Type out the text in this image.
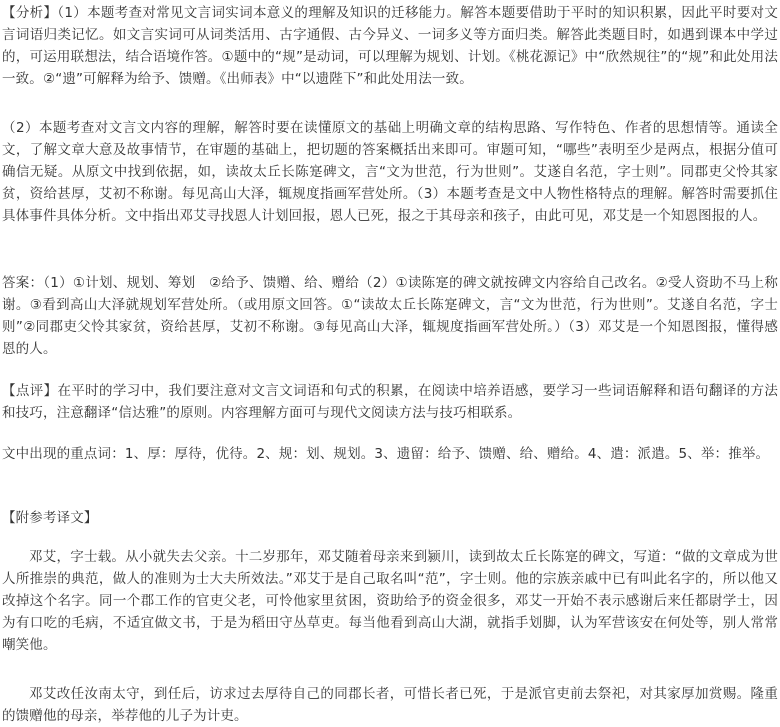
【分析】（1）本题考查对常见文言词实词本意义的理解及知识的迁移能力。解答本题要借助于平时的知识积累，因此平时要对文言词语归类记忆。如文言实词可从词类活用、古字通假、古今异义、一词多义等方面归类。解答此类题目时，如遇到课本中学过的，可运用联想法，结合语境作答。①题中的“规”是动词，可以理解为规划、计划。《桃花源记》中“欣然规往”的“规”和此处用法一致。②“遗”可解释为给予、馈赠。《出师表》中“以遗陛下”和此处用法一致。

（2）本题考查对文言文内容的理解，解答时要在读懂原文的基础上明确文章的结构思路、写作特色、作者的思想情等。通读全文，了解文章大意及故事情节，在审题的基础上，把切题的答案概括出来即可。审题可知，“哪些”表明至少是两点，根据分值可确信无疑。从原文中找到依据，如，读故太丘长陈寔碑文，言“文为世范，行为世则”。艾遂自名范，字士则”。同郡吏父怜其家贫，资给甚厚，艾初不称谢。每见高山大泽，辄规度指画军营处所。（3）本题考查是文中人物性格特点的理解。解答时需要抓住具体事件具体分析。文中指出邓艾寻找恩人计划回报，恩人已死，报之于其母亲和孩子，由此可见，邓艾是一个知恩图报的人。

答案：（1）①计划、规划、筹划　②给予、馈赠、给、赠给（2）①读陈寔的碑文就按碑文内容给自己改名。②受人资助不马上称谢。③看到高山大泽就规划军营处所。（或用原文回答。①“读故太丘长陈寔碑文，言“文为世范，行为世则”。艾遂自名范，字士则”②同郡吏父怜其家贫，资给甚厚，艾初不称谢。③每见高山大泽，辄规度指画军营处所。）（3）邓艾是一个知恩图报，懂得感恩的人。

【点评】在平时的学习中，我们要注意对文言文词语和句式的积累，在阅读中培养语感，要学习一些词语解释和语句翻译的方法和技巧，注意翻译“信达雅”的原则。内容理解方面可与现代文阅读方法与技巧相联系。

文中出现的重点词：1、厚：厚待，优待。2、规：划、规划。3、遗留：给予、馈赠、给、赠给。4、遣：派遣。5、举：推举。

【附参考译文】

邓艾，字士载。从小就失去父亲。十二岁那年，邓艾随着母亲来到颍川，读到故太丘长陈寔的碑文，写道：“做的文章成为世人所推崇的典范，做人的准则为士大夫所效法。”邓艾于是自己取名叫“范”，字士则。他的宗族亲戚中已有叫此名字的，所以他又改掉这个名字。同一个郡工作的官吏父老，可怜他家里贫困，资助给予的资金很多，邓艾一开始不表示感谢后来任都尉学士，因为有口吃的毛病，不适宜做文书，于是为稻田守丛草吏。每当他看到高山大湖，就指手划脚，认为军营该安在何处等，别人常常嘲笑他。

邓艾改任汝南太守，到任后，访求过去厚待自己的同郡长者，可惜长者已死，于是派官吏前去祭祀，对其家厚加赏赐。隆重的馈赠他的母亲，举荐他的儿子为计吏。
